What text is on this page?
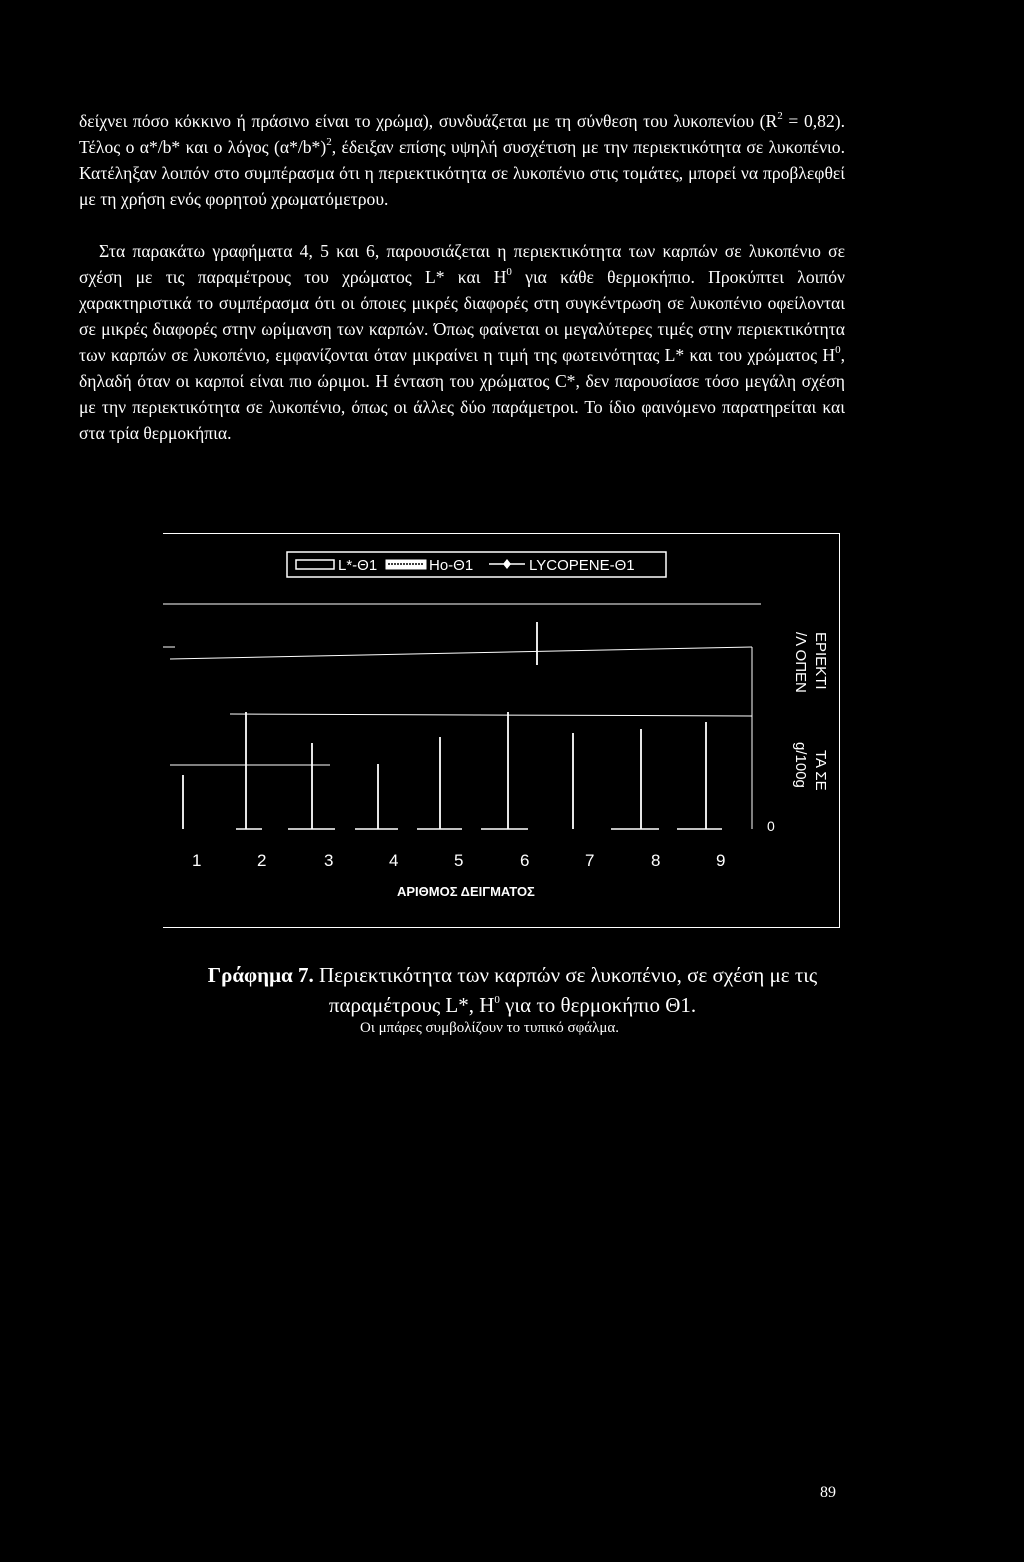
δείχνει πόσο κόκκινο ή πράσινο είναι το χρώμα), συνδυάζεται με τη σύνθεση του λυκοπενίου $(R^2 = 0,82)$. Τέλος ο α*/b* και ο λόγος $(\alpha*/b*)^2$, έδειξαν επίσης υψηλή συσχέτιση με την περιεκτικότητα σε λυκοπένιο. Κατέληξαν λοιπόν στο συμπέρασμα ότι η περιεκτικότητα σε λυκοπένιο στις τομάτες, μπορεί να προβλεφθεί με τη χρήση ενός φορητού χρωματόμετρου.

Στα παρακάτω γραφήματα 4, 5 και 6, παρουσιάζεται η περιεκτικότητα των καρπών σε λυκοπένιο σε σχέση με τις παραμέτρους του χρώματος L* και $H^0$ για κάθε θερμοκήπιο. Προκύπτει λοιπόν χαρακτηριστικά το συμπέρασμα ότι οι όποιες μικρές διαφορές στη συγκέντρωση σε λυκοπένιο οφείλονται σε μικρές διαφορές στην ωρίμανση των καρπών. Όπως φαίνεται οι μεγαλύτερες τιμές στην περιεκτικότητα των καρπών σε λυκοπένιο, εμφανίζονται όταν μικραίνει η τιμή της φωτεινότητας L* και του χρώματος $H^0$, δηλαδή όταν οι καρποί είναι πιο ώριμοι. Η ένταση του χρώματος C*, δεν παρουσίασε τόσο μεγάλη σχέση με την περιεκτικότητα σε λυκοπένιο, όπως οι άλλες δύο παράμετροι. Το ίδιο φαινόμενο παρατηρείται και στα τρία θερμοκήπια.

L*-Θ1	Ho-Θ1	LYCOPENE-Θ1
1	2	3	4	5	6	7	8	9
ΑΡΙΘΜΟΣ ΔΕΙΓΜΑΤΟΣ
0
ΕΡΙΕΚΤΙ
/Λ ΟΠΕΝ
ΤΑ ΣΕ
g/100g

Γράφημα 7. Περιεκτικότητα των καρπών σε λυκοπένιο, σε σχέση με τις

παραμέτρους L*, $H^0$ για το θερμοκήπιο Θ1.

Οι μπάρες συμβολίζουν το τυπικό σφάλμα.

89
